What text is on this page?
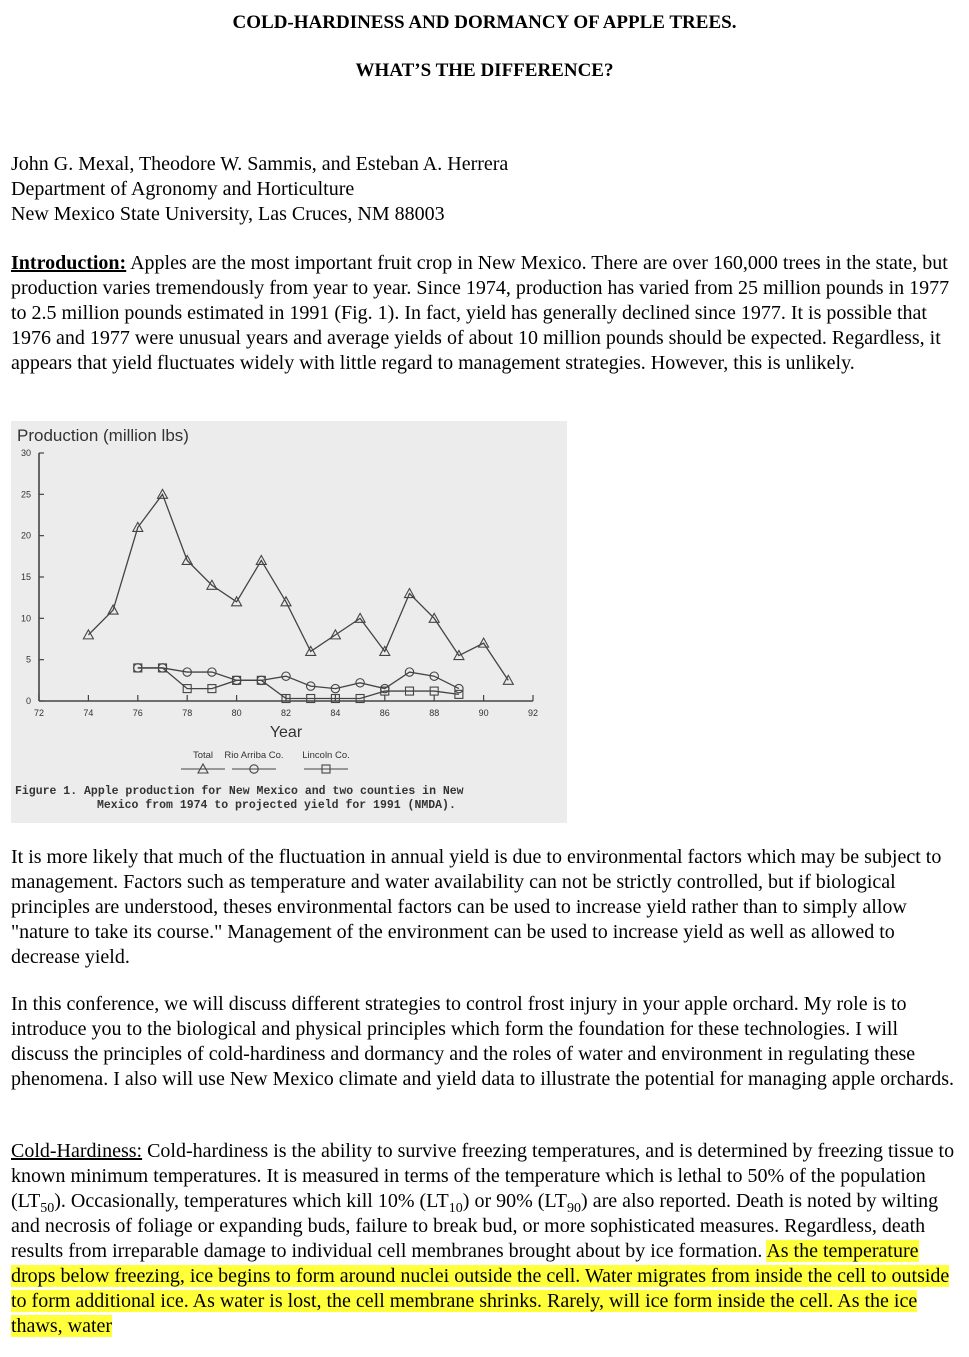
COLD-HARDINESS AND DORMANCY OF APPLE TREES.
WHAT’S THE DIFFERENCE?
John G. Mexal, Theodore W. Sammis, and Esteban A. Herrera
Department of Agronomy and Horticulture
New Mexico State University, Las Cruces, NM 88003

Introduction: Apples are the most important fruit crop in New Mexico. There are over 160,000 trees in the state, but production varies tremendously from year to year. Since 1974, production has varied from 25 million pounds in 1977 to 2.5 million pounds estimated in 1991 (Fig. 1). In fact, yield has generally declined since 1977. It is possible that 1976 and 1977 were unusual years and average yields of about 10 million pounds should be expected. Regardless, it appears that yield fluctuates widely with little regard to management strategies. However, this is unlikely.

Production (million lbs)
0
5
10
15
20
25
30
72	74	76	78	80	82	84	86	88	90	92
Year
Total Rio Arriba Co. Lincoln Co.
Figure 1. Apple production for New Mexico and two counties in New
Mexico from 1974 to projected yield for 1991 (NMDA).

It is more likely that much of the fluctuation in annual yield is due to environmental factors which may be subject to management. Factors such as temperature and water availability can not be strictly controlled, but if biological principles are understood, theses environmental factors can be used to increase yield rather than to simply allow "nature to take its course." Management of the environment can be used to increase yield as well as allowed to decrease yield.

In this conference, we will discuss different strategies to control frost injury in your apple orchard. My role is to introduce you to the biological and physical principles which form the foundation for these technologies. I will discuss the principles of cold-hardiness and dormancy and the roles of water and environment in regulating these phenomena. I also will use New Mexico climate and yield data to illustrate the potential for managing apple orchards.

Cold-Hardiness: Cold-hardiness is the ability to survive freezing temperatures, and is determined by freezing tissue to known minimum temperatures. It is measured in terms of the temperature which is lethal to 50% of the population $(LT_{50})$. Occasionally, temperatures which kill 10% $(LT_{10})$ or 90% $(LT_{90})$ are also reported. Death is noted by wilting and necrosis of foliage or expanding buds, failure to break bud, or more sophisticated measures. Regardless, death results from irreparable damage to individual cell membranes brought about by ice formation. As the temperature drops below freezing, ice begins to form around nuclei outside the cell. Water migrates from inside the cell to outside to form additional ice. As water is lost, the cell membrane shrinks. Rarely, will ice form inside the cell. As the ice thaws, water
